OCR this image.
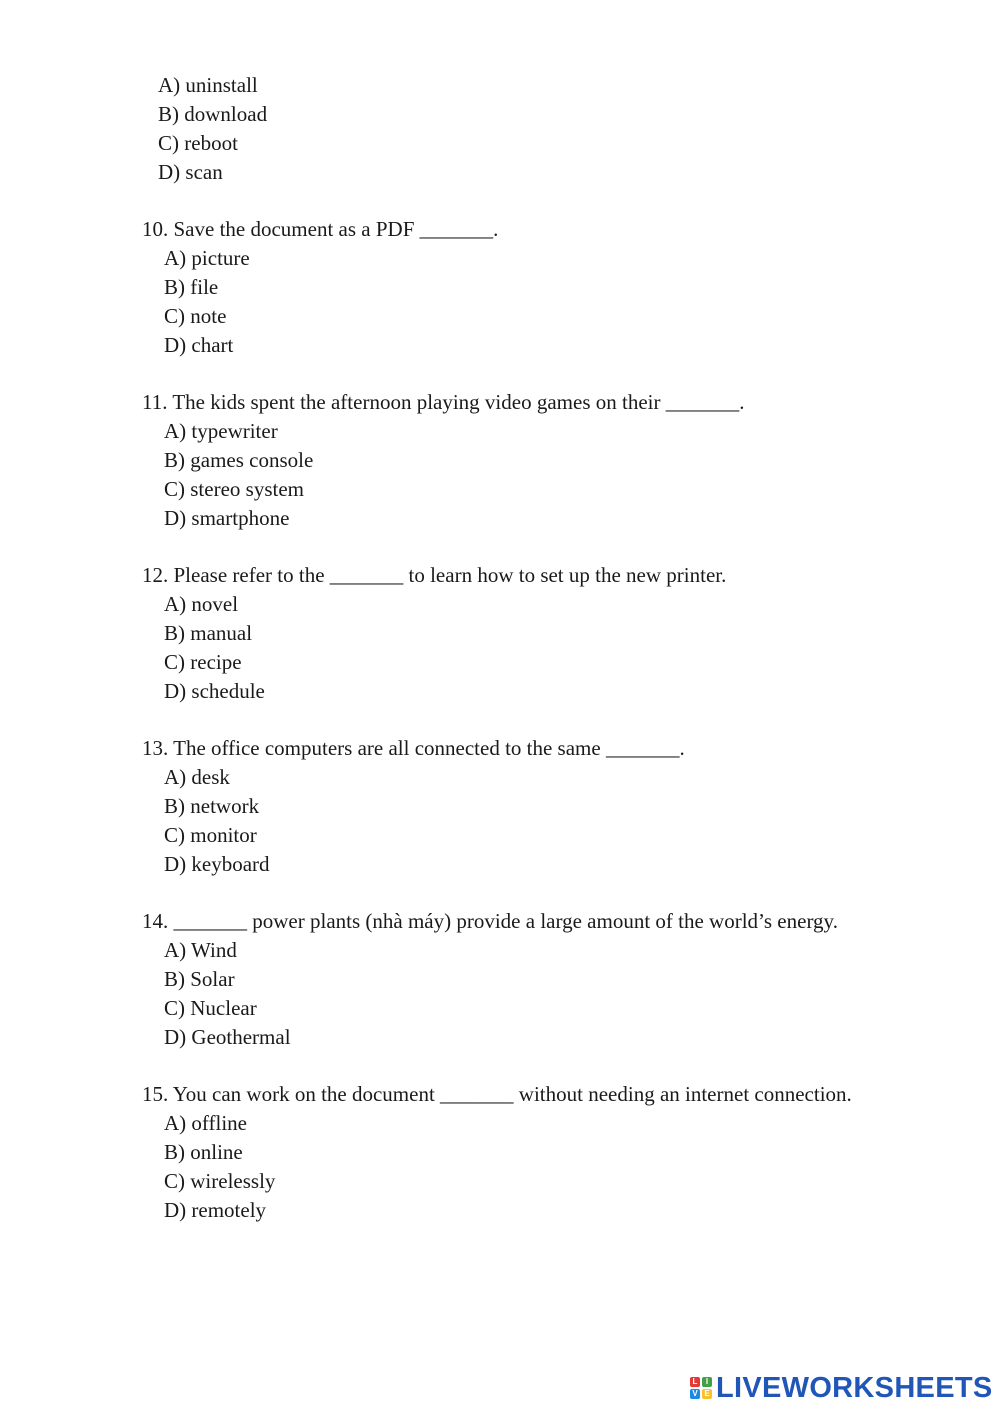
A) uninstall
B) download
C) reboot
D) scan
10. Save the document as a PDF _______.
A) picture
B) file
C) note
D) chart
11. The kids spent the afternoon playing video games on their _______.
A) typewriter
B) games console
C) stereo system
D) smartphone
12. Please refer to the _______ to learn how to set up the new printer.
A) novel
B) manual
C) recipe
D) schedule
13. The office computers are all connected to the same _______.
A) desk
B) network
C) monitor
D) keyboard
14. _______ power plants (nhà máy) provide a large amount of the world’s energy.
A) Wind
B) Solar
C) Nuclear
D) Geothermal
15. You can work on the document _______ without needing an internet connection.
A) offline
B) online
C) wirelessly
D) remotely
L	I
V E LIVEWORKSHEETS
